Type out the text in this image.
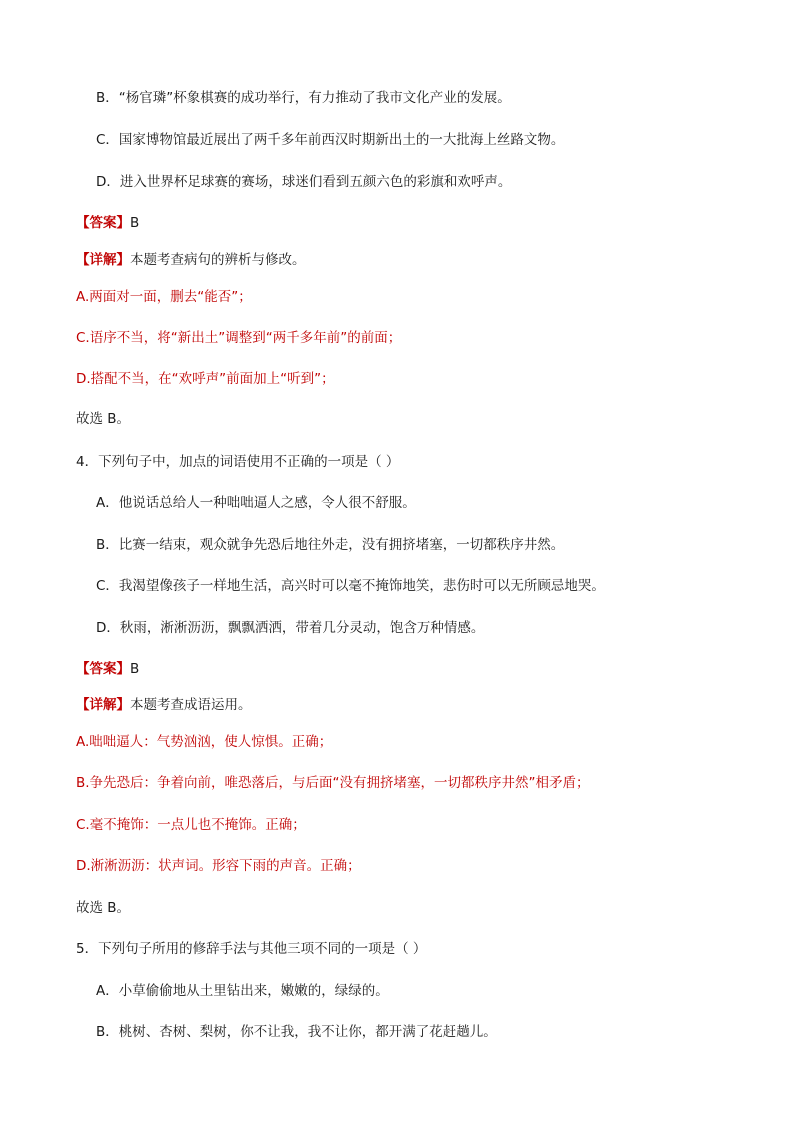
B．“杨官璘”杯象棋赛的成功举行，有力推动了我市文化产业的发展。
C．国家博物馆最近展出了两千多年前西汉时期新出土的一大批海上丝路文物。
D．进入世界杯足球赛的赛场，球迷们看到五颜六色的彩旗和欢呼声。
【答案】B
【详解】本题考查病句的辨析与修改。
A.两面对一面，删去“能否”；
C.语序不当，将“新出土”调整到“两千多年前”的前面；
D.搭配不当，在“欢呼声”前面加上“听到”；
故选 B。
4．下列句子中，加点的词语使用不正确的一项是（ ）
A．他说话总给人一种咄咄逼人之感，令人很不舒服。
B．比赛一结束，观众就争先恐后地往外走，没有拥挤堵塞，一切都秩序井然。
C．我渴望像孩子一样地生活，高兴时可以毫不掩饰地笑，悲伤时可以无所顾忌地哭。
D．秋雨，淅淅沥沥，飘飘洒洒，带着几分灵动，饱含万种情感。
【答案】B
【详解】本题考查成语运用。
A.咄咄逼人：气势汹汹，使人惊惧。正确；
B.争先恐后：争着向前，唯恐落后，与后面“没有拥挤堵塞，一切都秩序井然”相矛盾；
C.毫不掩饰：一点儿也不掩饰。正确；
D.淅淅沥沥：状声词。形容下雨的声音。正确；
故选 B。
5．下列句子所用的修辞手法与其他三项不同的一项是（ ）
A．小草偷偷地从土里钻出来，嫩嫩的，绿绿的。
B．桃树、杏树、梨树，你不让我，我不让你，都开满了花赶趟儿。
